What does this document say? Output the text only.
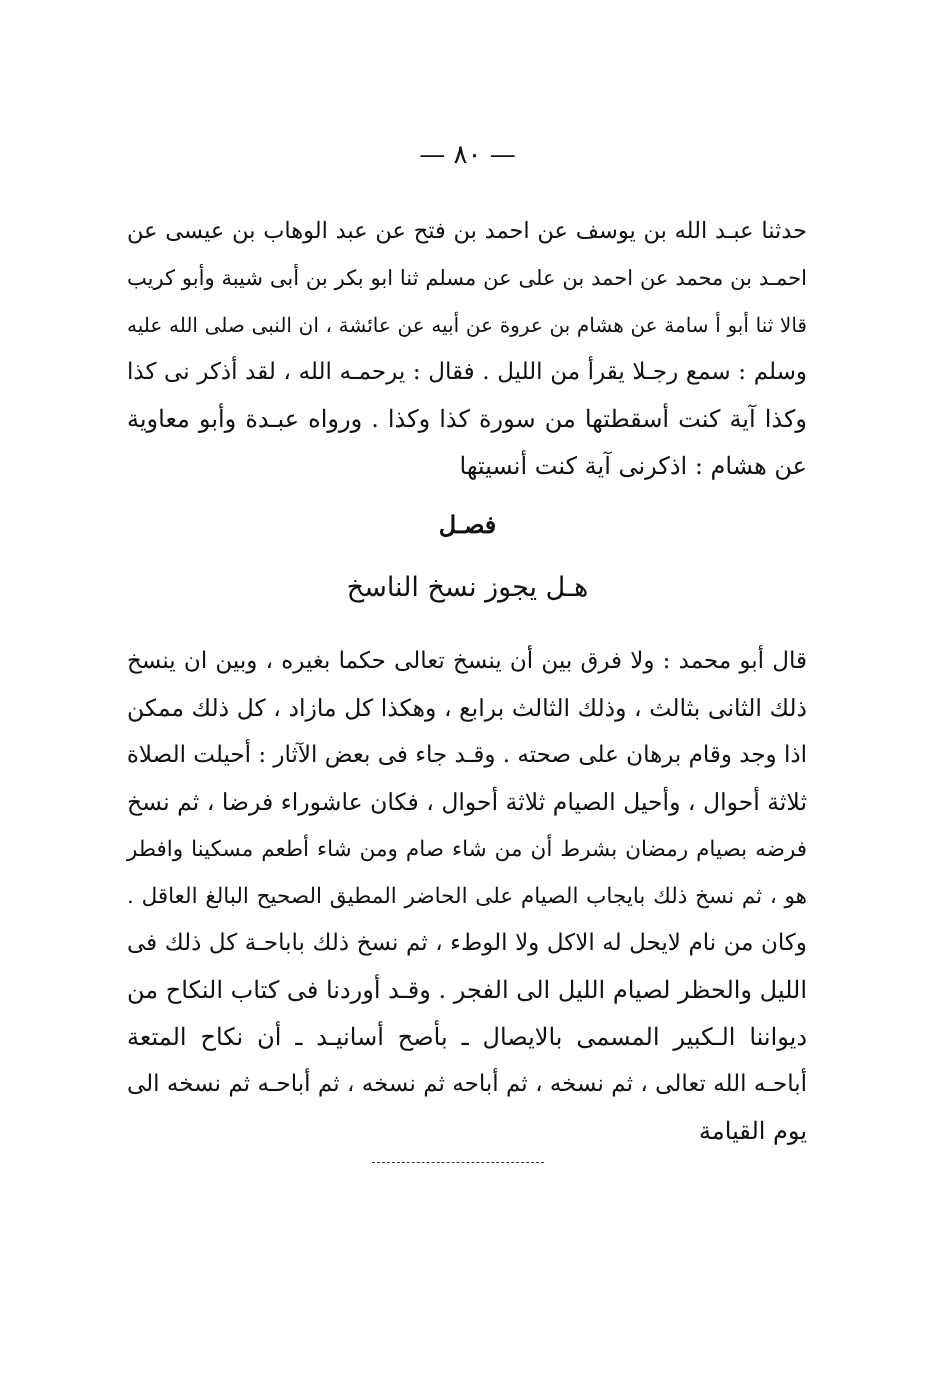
— ٨٠ —
حدثنا عبـد الله بن يوسف عن احمد بن فتح عن عبد الوهاب بن عيسى عن
احمـد بن محمد عن احمد بن على عن مسلم ثنا ابو بكر بن أبى شيبة وأبو كريب
قالا ثنا أبو أ سامة عن هشام بن عروة عن أبيه عن عائشة ، ان النبى صلى الله عليه
وسلم : سمع رجـلا يقرأ من الليل . فقال : يرحمـه الله ، لقد أذكر نى كذا
وكذا آية كنت أسقطتها من سورة كذا وكذا . ورواه عبـدة وأبو معاوية
عن هشام : اذكرنى آية كنت أنسيتها
فصـل
هـل يجوز نسخ الناسخ
قال أبو محمد : ولا فرق بين أن ينسخ تعالى حكما بغيره ، وبين ان ينسخ
ذلك الثانى بثالث ، وذلك الثالث برابع ، وهكذا كل مازاد ، كل ذلك ممكن
اذا وجد وقام برهان على صحته . وقـد جاء فى بعض الآثار : أحيلت الصلاة
ثلاثة أحوال ، وأحيل الصيام ثلاثة أحوال ، فكان عاشوراء فرضا ، ثم نسخ
فرضه بصيام رمضان بشرط أن من شاء صام ومن شاء أطعم مسكينا وافطر
هو ، ثم نسخ ذلك بايجاب الصيام على الحاضر المطيق الصحيح البالغ العاقل .
وكان من نام لايحل له الاكل ولا الوطء ، ثم نسخ ذلك باباحـة كل ذلك فى
الليل والحظر لصيام الليل الى الفجر . وقـد أوردنا فى كتاب النكاح من
ديواننا الـكبير المسمى بالايصال ـ بأصح أسانيـد ـ أن نكاح المتعة
أباحـه الله تعالى ، ثم نسخه ، ثم أباحه ثم نسخه ، ثم أباحـه ثم نسخه الى
يوم القيامة
